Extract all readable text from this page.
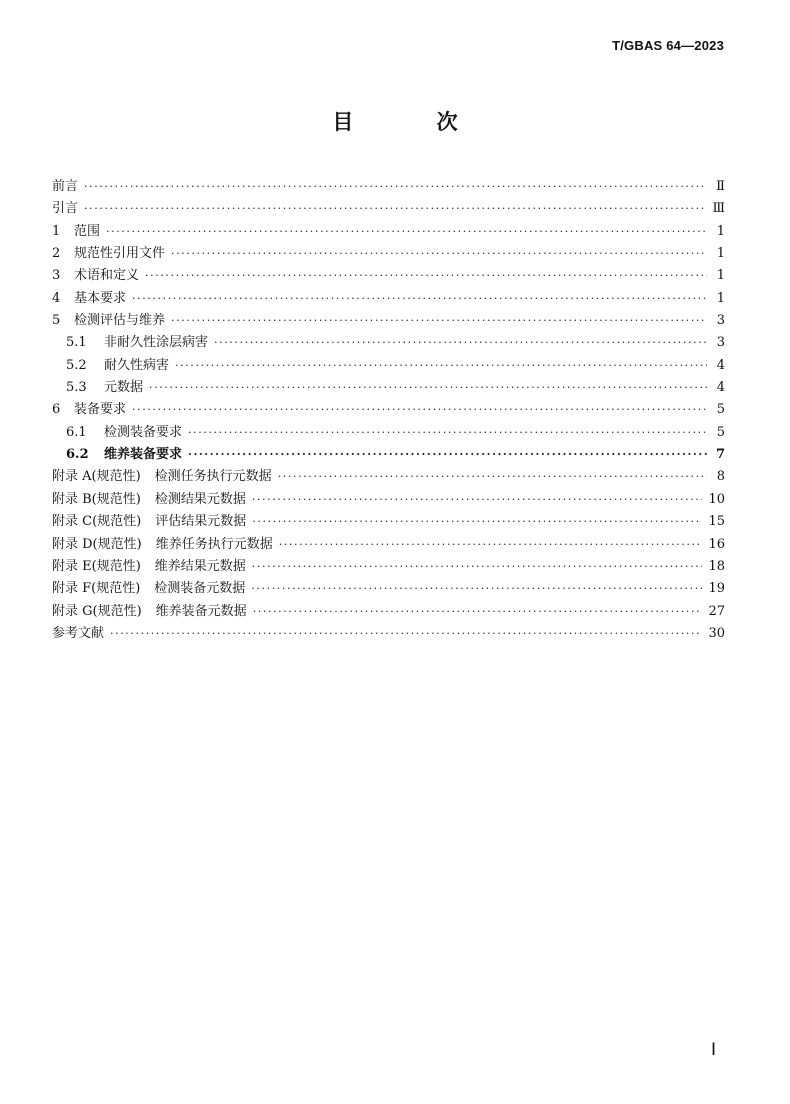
T/GBAS 64—2023
目 次
前言 ·····	Ⅱ
引言 ·····	Ⅲ
1	范围 ·····	1
2	规范性引用文件 ·····	1
3	术语和定义 ·····	1
4	基本要求 ·····	1
5	检测评估与维养 ·····	3
5.1	非耐久性涂层病害 ·····	3
5.2	耐久性病害 ·····	4
5.3	元数据 ·····	4
6	装备要求 ·····	5
6.1	检测装备要求 ·····	5
6.2	维养装备要求 ·····	7
附录 A(规范性) 检测任务执行元数据 ·····	8
附录 B(规范性) 检测结果元数据 ·····	10
附录 C(规范性) 评估结果元数据 ·····	15
附录 D(规范性) 维养任务执行元数据 ·····	16
附录 E(规范性) 维养结果元数据 ·····	18
附录 F(规范性) 检测装备元数据 ·····	19
附录 G(规范性) 维养装备元数据 ·····	27
参考文献 ·····	30
Ⅰ
